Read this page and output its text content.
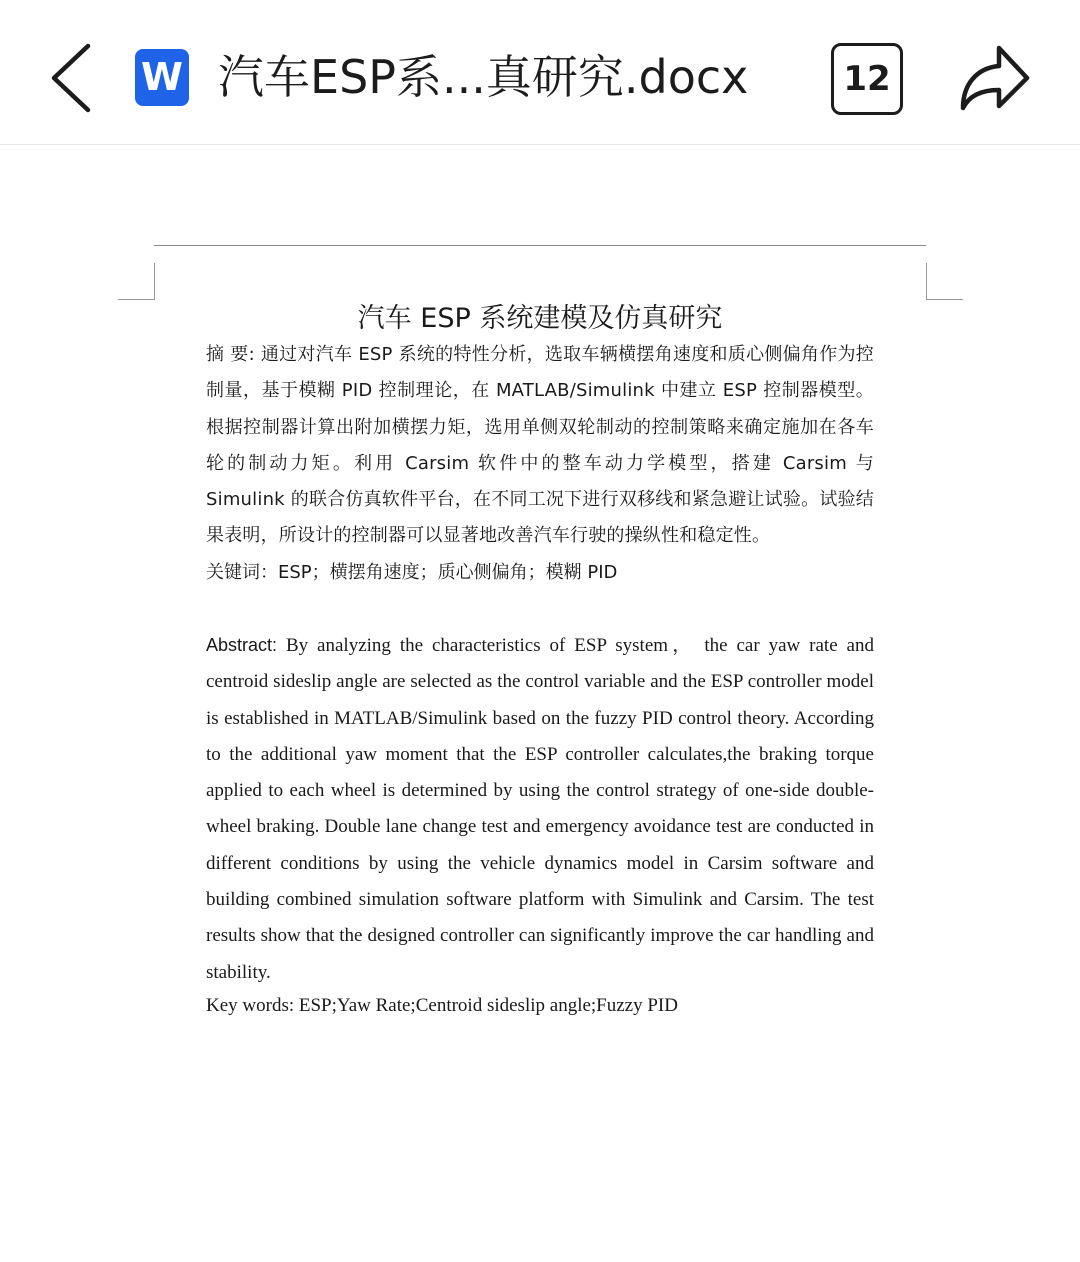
W 汽车ESP系...真研究.docx	12
汽车 ESP 系统建模及仿真研究
摘 要: 通过对汽车 ESP 系统的特性分析，选取车辆横摆角速度和质心侧偏角作为控制量，基于模糊 PID 控制理论，在 MATLAB/Simulink 中建立 ESP 控制器模型。根据控制器计算出附加横摆力矩，选用单侧双轮制动的控制策略来确定施加在各车轮的制动力矩。利用 Carsim 软件中的整车动力学模型，搭建 Carsim 与 Simulink 的联合仿真软件平台，在不同工况下进行双移线和紧急避让试验。试验结果表明，所设计的控制器可以显著地改善汽车行驶的操纵性和稳定性。
关键词：ESP；横摆角速度；质心侧偏角；模糊 PID
Abstract: By analyzing the characteristics of ESP system， the car yaw rate and centroid sideslip angle are selected as the control variable and the ESP controller model is established in MATLAB/Simulink based on the fuzzy PID control theory. According to the additional yaw moment that the ESP controller calculates,the braking torque applied to each wheel is determined by using the control strategy of one-side double-wheel braking. Double lane change test and emergency avoidance test are conducted in different conditions by using the vehicle dynamics model in Carsim software and building combined simulation software platform with Simulink and Carsim. The test results show that the designed controller can significantly improve the car handling and stability.
Key words: ESP;Yaw Rate;Centroid sideslip angle;Fuzzy PID
